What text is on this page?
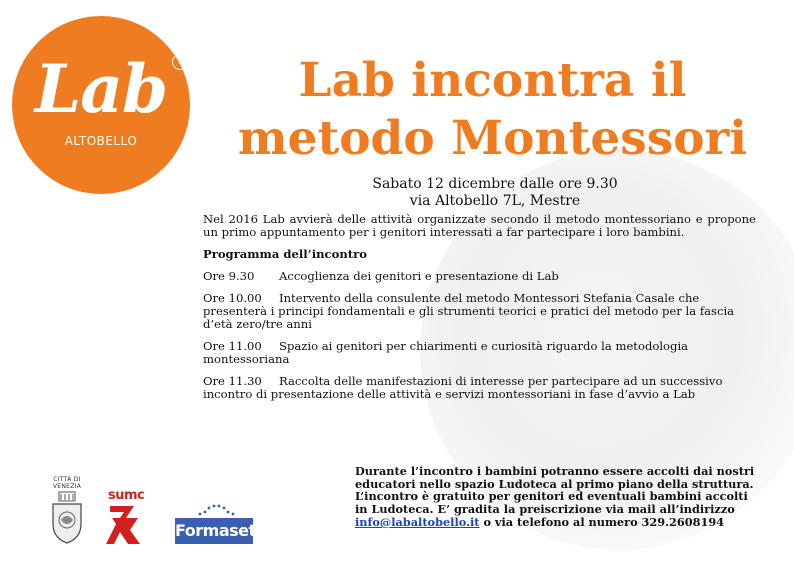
Lab
ALTOBELLO
7	Lab incontra il
metodo Montessori
Sabato 12 dicembre dalle ore 9.30
via Altobello 7L, Mestre

Nel 2016 Lab avvierà delle attività organizzate secondo il metodo montessoriano e propone un primo appuntamento per i genitori interessati a far partecipare i loro bambini.

Programma dell’incontro

Ore 9.30 Accoglienza dei genitori e presentazione di Lab

Ore 10.00 Intervento della consulente del metodo Montessori Stefania Casale che presenterà i principi fondamentali e gli strumenti teorici e pratici del metodo per la fascia d’età zero/tre anni

Ore 11.00 Spazio ai genitori per chiarimenti e curiosità riguardo la metodologia montessoriana

Ore 11.30 Raccolta delle manifestazioni di interesse per partecipare ad un successivo incontro di presentazione delle attività e servizi montessoriani in fase d’avvio a Lab

Durante l’incontro i bambini potranno essere accolti dai nostri educatori nello spazio Ludoteca al primo piano della struttura. L’incontro è gratuito per genitori ed eventuali bambini accolti in Ludoteca. E’ gradita la preiscrizione via mail all’indirizzo info@labaltobello.it o via telefono al numero 329.2608194
CITTÀ DI VENEZIA
sumc
Formaset
